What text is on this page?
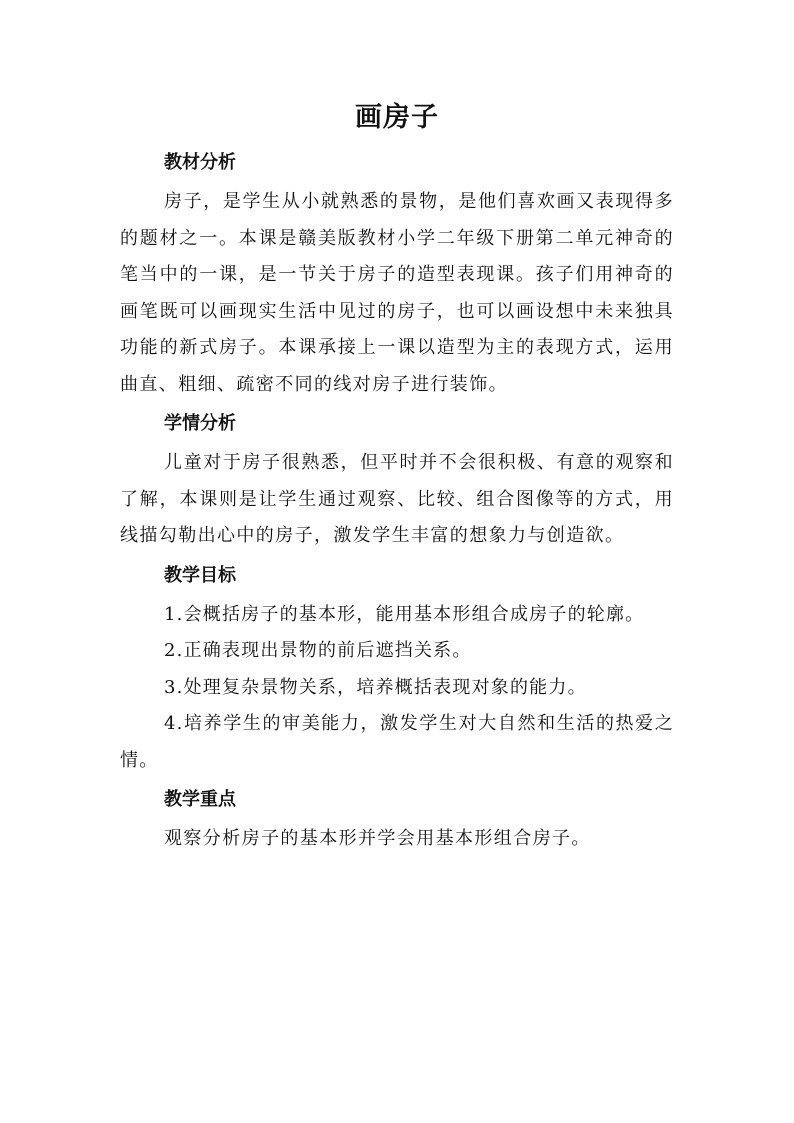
画房子
教材分析

房子，是学生从小就熟悉的景物，是他们喜欢画又表现得多的题材之一。本课是赣美版教材小学二年级下册第二单元神奇的笔当中的一课，是一节关于房子的造型表现课。孩子们用神奇的画笔既可以画现实生活中见过的房子，也可以画设想中未来独具功能的新式房子。本课承接上一课以造型为主的表现方式，运用曲直、粗细、疏密不同的线对房子进行装饰。

学情分析

儿童对于房子很熟悉，但平时并不会很积极、有意的观察和了解，本课则是让学生通过观察、比较、组合图像等的方式，用线描勾勒出心中的房子，激发学生丰富的想象力与创造欲。

教学目标

1.会概括房子的基本形，能用基本形组合成房子的轮廓。

2.正确表现出景物的前后遮挡关系。

3.处理复杂景物关系，培养概括表现对象的能力。

4.培养学生的审美能力，激发学生对大自然和生活的热爱之情。

教学重点

观察分析房子的基本形并学会用基本形组合房子。
